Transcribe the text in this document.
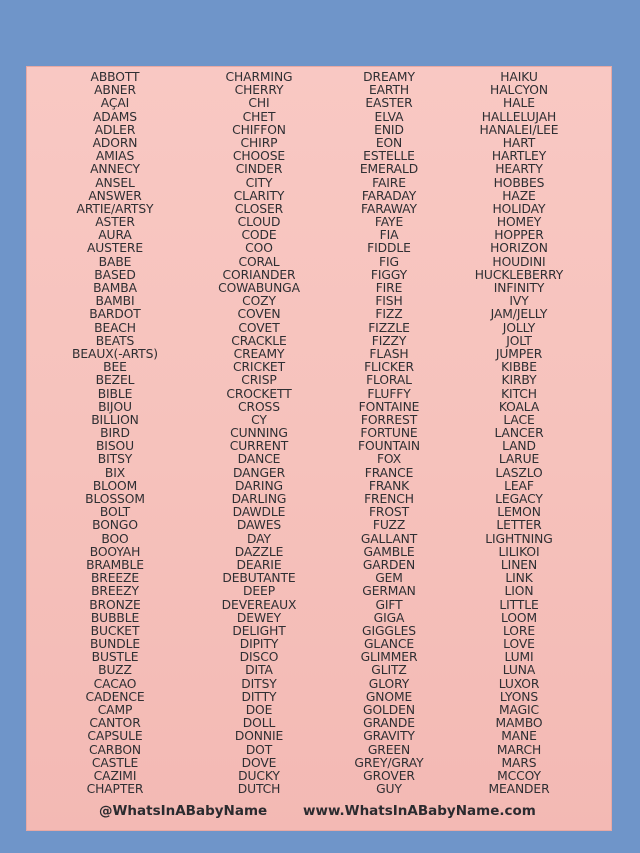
ABBOTT
ABNER
AÇAI
ADAMS
ADLER
ADORN
AMIAS
ANNECY
ANSEL
ANSWER
ARTIE/ARTSY
ASTER
AURA
AUSTERE
BABE
BASED
BAMBA
BAMBI
BARDOT
BEACH
BEATS
BEAUX(-ARTS)
BEE
BEZEL
BIBLE
BIJOU
BILLION
BIRD
BISOU
BITSY
BIX
BLOOM
BLOSSOM
BOLT
BONGO
BOO
BOOYAH
BRAMBLE
BREEZE
BREEZY
BRONZE
BUBBLE
BUCKET
BUNDLE
BUSTLE
BUZZ
CACAO
CADENCE
CAMP
CANTOR
CAPSULE
CARBON
CASTLE
CAZIMI
CHAPTER
CHARMING
CHERRY
CHI
CHET
CHIFFON
CHIRP
CHOOSE
CINDER
CITY
CLARITY
CLOSER
CLOUD
CODE
COO
CORAL
CORIANDER
COWABUNGA
COZY
COVEN
COVET
CRACKLE
CREAMY
CRICKET
CRISP
CROCKETT
CROSS
CY
CUNNING
CURRENT
DANCE
DANGER
DARING
DARLING
DAWDLE
DAWES
DAY
DAZZLE
DEARIE
DEBUTANTE
DEEP
DEVEREAUX
DEWEY
DELIGHT
DIPITY
DISCO
DITA
DITSY
DITTY
DOE
DOLL
DONNIE
DOT
DOVE
DUCKY
DUTCH
DREAMY
EARTH
EASTER
ELVA
ENID
EON
ESTELLE
EMERALD
FAIRE
FARADAY
FARAWAY
FAYE
FIA
FIDDLE
FIG
FIGGY
FIRE
FISH
FIZZ
FIZZLE
FIZZY
FLASH
FLICKER
FLORAL
FLUFFY
FONTAINE
FORREST
FORTUNE
FOUNTAIN
FOX
FRANCE
FRANK
FRENCH
FROST
FUZZ
GALLANT
GAMBLE
GARDEN
GEM
GERMAN
GIFT
GIGA
GIGGLES
GLANCE
GLIMMER
GLITZ
GLORY
GNOME
GOLDEN
GRANDE
GRAVITY
GREEN
GREY/GRAY
GROVER
GUY
HAIKU
HALCYON
HALE
HALLELUJAH
HANALEI/LEE
HART
HARTLEY
HEARTY
HOBBES
HAZE
HOLIDAY
HOMEY
HOPPER
HORIZON
HOUDINI
HUCKLEBERRY
INFINITY
IVY
JAM/JELLY
JOLLY
JOLT
JUMPER
KIBBE
KIRBY
KITCH
KOALA
LACE
LANCER
LAND
LARUE
LASZLO
LEAF
LEGACY
LEMON
LETTER
LIGHTNING
LILIKOI
LINEN
LINK
LION
LITTLE
LOOM
LORE
LOVE
LUMI
LUNA
LUXOR
LYONS
MAGIC
MAMBO
MANE
MARCH
MARS
MCCOY
MEANDER
@WhatsInABabyName	www.WhatsInABabyName.com
